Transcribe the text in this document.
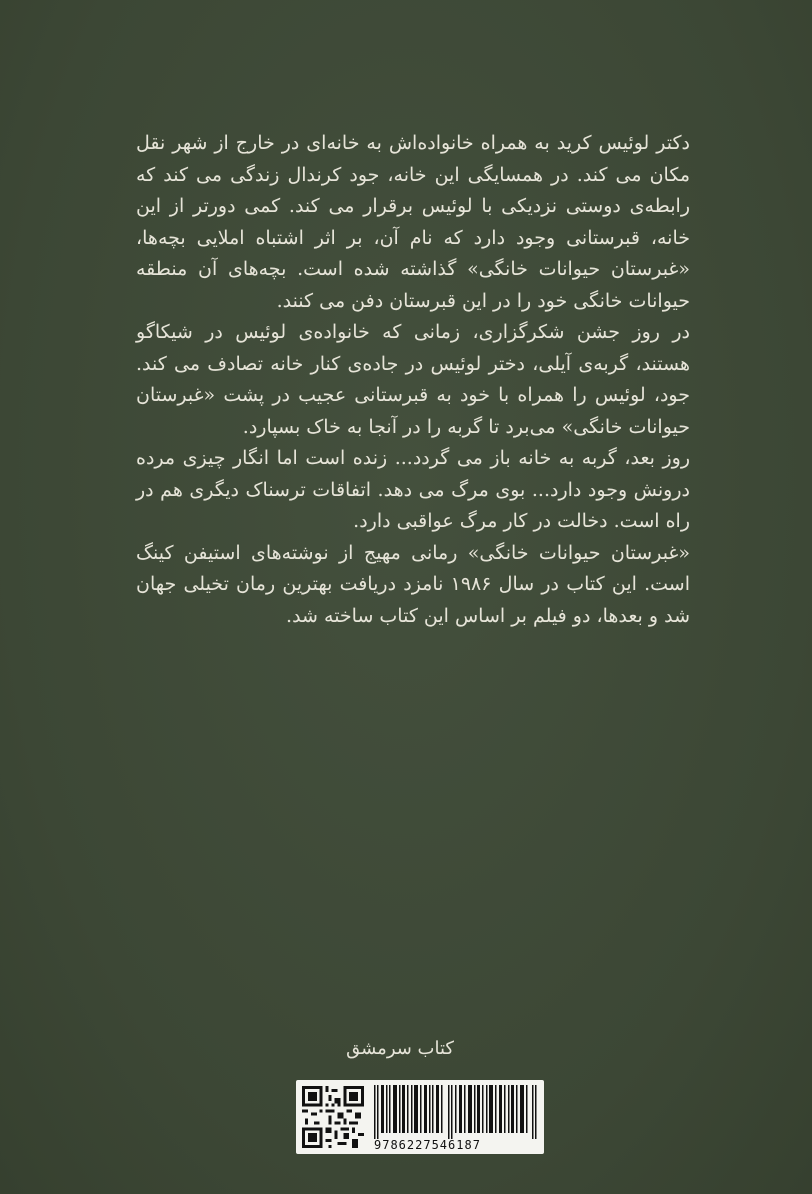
دکتر لوئیس کرید به همراه خانواده‌اش به خانه‌ای در خارج از شهر نقل مکان می کند. در همسایگی این خانه، جود کرندال زندگی می کند که رابطه‌ی دوستی نزدیکی با لوئیس برقرار می کند. کمی دورتر از این خانه، قبرستانی وجود دارد که نام آن، بر اثر اشتباه املایی بچه‌ها، «غبرستان حیوانات خانگی» گذاشته شده است. بچه‌های آن منطقه حیوانات خانگی خود را در این قبرستان دفن می کنند.

در روز جشن شکرگزاری، زمانی که خانواده‌ی لوئیس در شیکاگو هستند، گربه‌ی آیلی، دختر لوئیس در جاده‌ی کنار خانه تصادف می کند. جود، لوئیس را همراه با خود به قبرستانی عجیب در پشت «غبرستان حیوانات خانگی» می‌برد تا گربه را در آنجا به خاک بسپارد.

روز بعد، گربه به خانه باز می گردد... زنده است اما انگار چیزی مرده درونش وجود دارد... بوی مرگ می دهد. اتفاقات ترسناک دیگری هم در راه است. دخالت در کار مرگ عواقبی دارد.

«غبرستان حیوانات خانگی» رمانی مهیج از نوشته‌های استیفن کینگ است. این کتاب در سال ۱۹۸۶ نامزد دریافت بهترین رمان تخیلی جهان شد و بعدها، دو فیلم بر اساس این کتاب ساخته شد.

کتاب سرمشق
9786227546187
